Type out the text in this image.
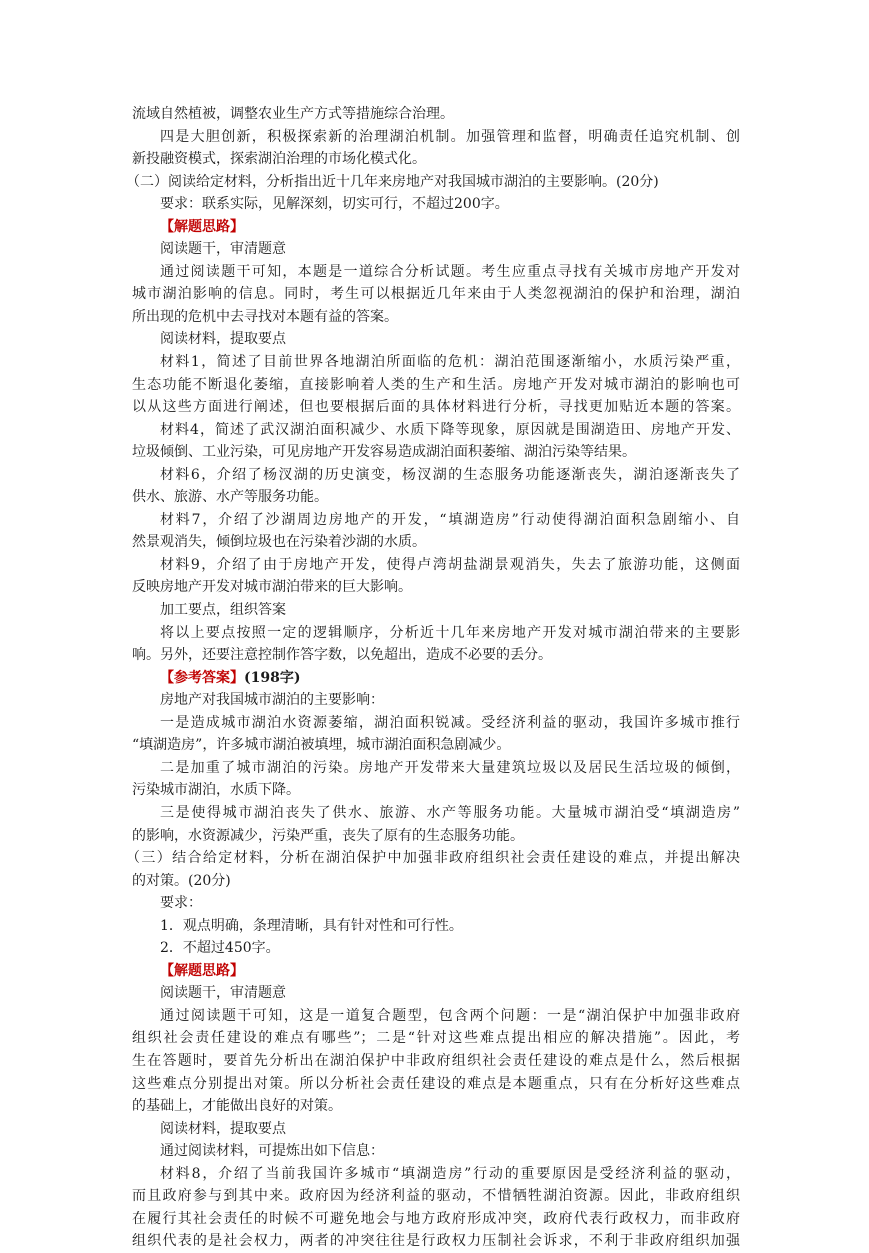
流域自然植被，调整农业生产方式等措施综合治理。
四是大胆创新，积极探索新的治理湖泊机制。加强管理和监督，明确责任追究机制、创
新投融资模式，探索湖泊治理的市场化模式化。
（二）阅读给定材料，分析指出近十几年来房地产对我国城市湖泊的主要影响。(20分)
要求：联系实际，见解深刻，切实可行，不超过200字。
【解题思路】
阅读题干，审清题意
通过阅读题干可知，本题是一道综合分析试题。考生应重点寻找有关城市房地产开发对
城市湖泊影响的信息。同时，考生可以根据近几年来由于人类忽视湖泊的保护和治理，湖泊
所出现的危机中去寻找对本题有益的答案。
阅读材料，提取要点
材料1，简述了目前世界各地湖泊所面临的危机：湖泊范围逐渐缩小，水质污染严重，
生态功能不断退化萎缩，直接影响着人类的生产和生活。房地产开发对城市湖泊的影响也可
以从这些方面进行阐述，但也要根据后面的具体材料进行分析，寻找更加贴近本题的答案。
材料4，简述了武汉湖泊面积减少、水质下降等现象，原因就是围湖造田、房地产开发、
垃圾倾倒、工业污染，可见房地产开发容易造成湖泊面积萎缩、湖泊污染等结果。
材料6，介绍了杨汊湖的历史演变，杨汊湖的生态服务功能逐渐丧失，湖泊逐渐丧失了
供水、旅游、水产等服务功能。
材料7，介绍了沙湖周边房地产的开发，“填湖造房”行动使得湖泊面积急剧缩小、自
然景观消失，倾倒垃圾也在污染着沙湖的水质。
材料9，介绍了由于房地产开发，使得卢湾胡盐湖景观消失，失去了旅游功能，这侧面
反映房地产开发对城市湖泊带来的巨大影响。
加工要点，组织答案
将以上要点按照一定的逻辑顺序，分析近十几年来房地产开发对城市湖泊带来的主要影
响。另外，还要注意控制作答字数，以免超出，造成不必要的丢分。
【参考答案】(198字)
房地产对我国城市湖泊的主要影响：
一是造成城市湖泊水资源萎缩，湖泊面积锐减。受经济利益的驱动，我国许多城市推行
“填湖造房”，许多城市湖泊被填埋，城市湖泊面积急剧减少。
二是加重了城市湖泊的污染。房地产开发带来大量建筑垃圾以及居民生活垃圾的倾倒，
污染城市湖泊，水质下降。
三是使得城市湖泊丧失了供水、旅游、水产等服务功能。大量城市湖泊受“填湖造房”
的影响，水资源减少，污染严重，丧失了原有的生态服务功能。
（三）结合给定材料，分析在湖泊保护中加强非政府组织社会责任建设的难点，并提出解决
的对策。(20分)
要求：
1．观点明确，条理清晰，具有针对性和可行性。
2．不超过450字。
【解题思路】
阅读题干，审清题意
通过阅读题干可知，这是一道复合题型，包含两个问题：一是“湖泊保护中加强非政府
组织社会责任建设的难点有哪些”；二是“针对这些难点提出相应的解决措施”。因此，考
生在答题时，要首先分析出在湖泊保护中非政府组织社会责任建设的难点是什么，然后根据
这些难点分别提出对策。所以分析社会责任建设的难点是本题重点，只有在分析好这些难点
的基础上，才能做出良好的对策。
阅读材料，提取要点
通过阅读材料，可提炼出如下信息：
材料8，介绍了当前我国许多城市“填湖造房”行动的重要原因是受经济利益的驱动，
而且政府参与到其中来。政府因为经济利益的驱动，不惜牺牲湖泊资源。因此，非政府组织
在履行其社会责任的时候不可避免地会与地方政府形成冲突，政府代表行政权力，而非政府
组织代表的是社会权力，两者的冲突往往是行政权力压制社会诉求，不利于非政府组织加强
